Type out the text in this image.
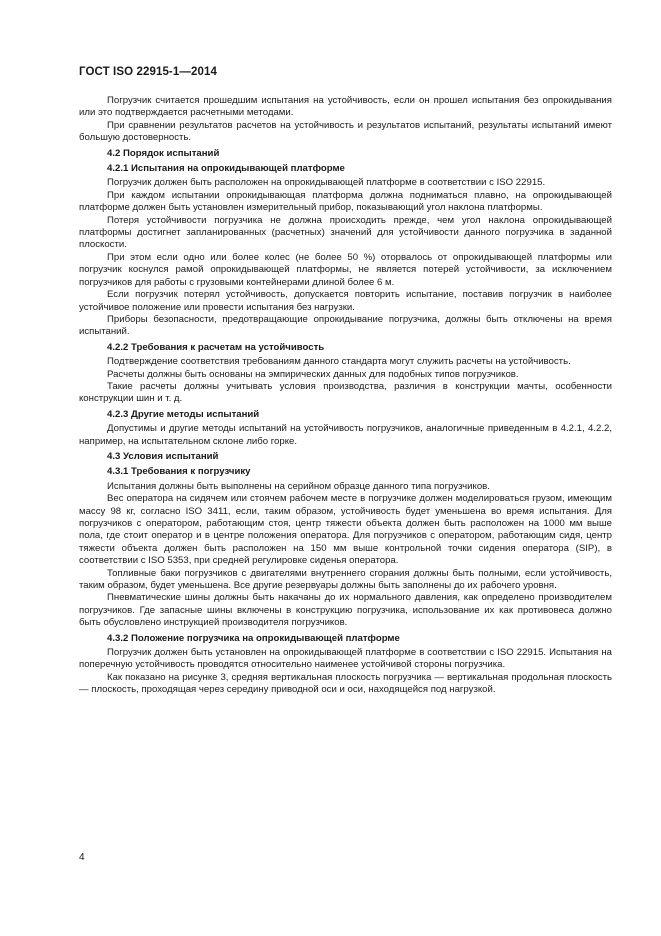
ГОСТ ISO 22915-1—2014
Погрузчик считается прошедшим испытания на устойчивость, если он прошел испытания без опрокидывания или это подтверждается расчетными методами.
При сравнении результатов расчетов на устойчивость и результатов испытаний, результаты испытаний имеют большую достоверность.
4.2 Порядок испытаний
4.2.1 Испытания на опрокидывающей платформе
Погрузчик должен быть расположен на опрокидывающей платформе в соответствии с ISO 22915.
При каждом испытании опрокидывающая платформа должна подниматься плавно, на опрокидывающей платформе должен быть установлен измерительный прибор, показывающий угол наклона платформы.
Потеря устойчивости погрузчика не должна происходить прежде, чем угол наклона опрокидывающей платформы достигнет запланированных (расчетных) значений для устойчивости данного погрузчика в заданной плоскости.
При этом если одно или более колес (не более 50 %) оторвалось от опрокидывающей платформы или погрузчик коснулся рамой опрокидывающей платформы, не является потерей устойчивости, за исключением погрузчиков для работы с грузовыми контейнерами длиной более 6 м.
Если погрузчик потерял устойчивость, допускается повторить испытание, поставив погрузчик в наиболее устойчивое положение или провести испытания без нагрузки.
Приборы безопасности, предотвращающие опрокидывание погрузчика, должны быть отключены на время испытаний.
4.2.2 Требования к расчетам на устойчивость
Подтверждение соответствия требованиям данного стандарта могут служить расчеты на устойчивость.
Расчеты должны быть основаны на эмпирических данных для подобных типов погрузчиков.
Такие расчеты должны учитывать условия производства, различия в конструкции мачты, особенности конструкции шин и т. д.
4.2.3 Другие методы испытаний
Допустимы и другие методы испытаний на устойчивость погрузчиков, аналогичные приведенным в 4.2.1, 4.2.2, например, на испытательном склоне либо горке.
4.3 Условия испытаний
4.3.1 Требования к погрузчику
Испытания должны быть выполнены на серийном образце данного типа погрузчиков.
Вес оператора на сидячем или стоячем рабочем месте в погрузчике должен моделироваться грузом, имеющим массу 98 кг, согласно ISO 3411, если, таким образом, устойчивость будет уменьшена во время испытания. Для погрузчиков с оператором, работающим стоя, центр тяжести объекта должен быть расположен на 1000 мм выше пола, где стоит оператор и в центре положения оператора. Для погрузчиков с оператором, работающим сидя, центр тяжести объекта должен быть расположен на 150 мм выше контрольной точки сидения оператора (SIP), в соответствии с ISO 5353, при средней регулировке сиденья оператора.
Топливные баки погрузчиков с двигателями внутреннего сгорания должны быть полными, если устойчивость, таким образом, будет уменьшена. Все другие резервуары должны быть заполнены до их рабочего уровня.
Пневматические шины должны быть накачаны до их нормального давления, как определено производителем погрузчиков. Где запасные шины включены в конструкцию погрузчика, использование их как противовеса должно быть обусловлено инструкцией производителя погрузчиков.
4.3.2 Положение погрузчика на опрокидывающей платформе
Погрузчик должен быть установлен на опрокидывающей платформе в соответствии с ISO 22915. Испытания на поперечную устойчивость проводятся относительно наименее устойчивой стороны погрузчика.
Как показано на рисунке 3, средняя вертикальная плоскость погрузчика — вертикальная продольная плоскость — плоскость, проходящая через середину приводной оси и оси, находящейся под нагрузкой.
4
